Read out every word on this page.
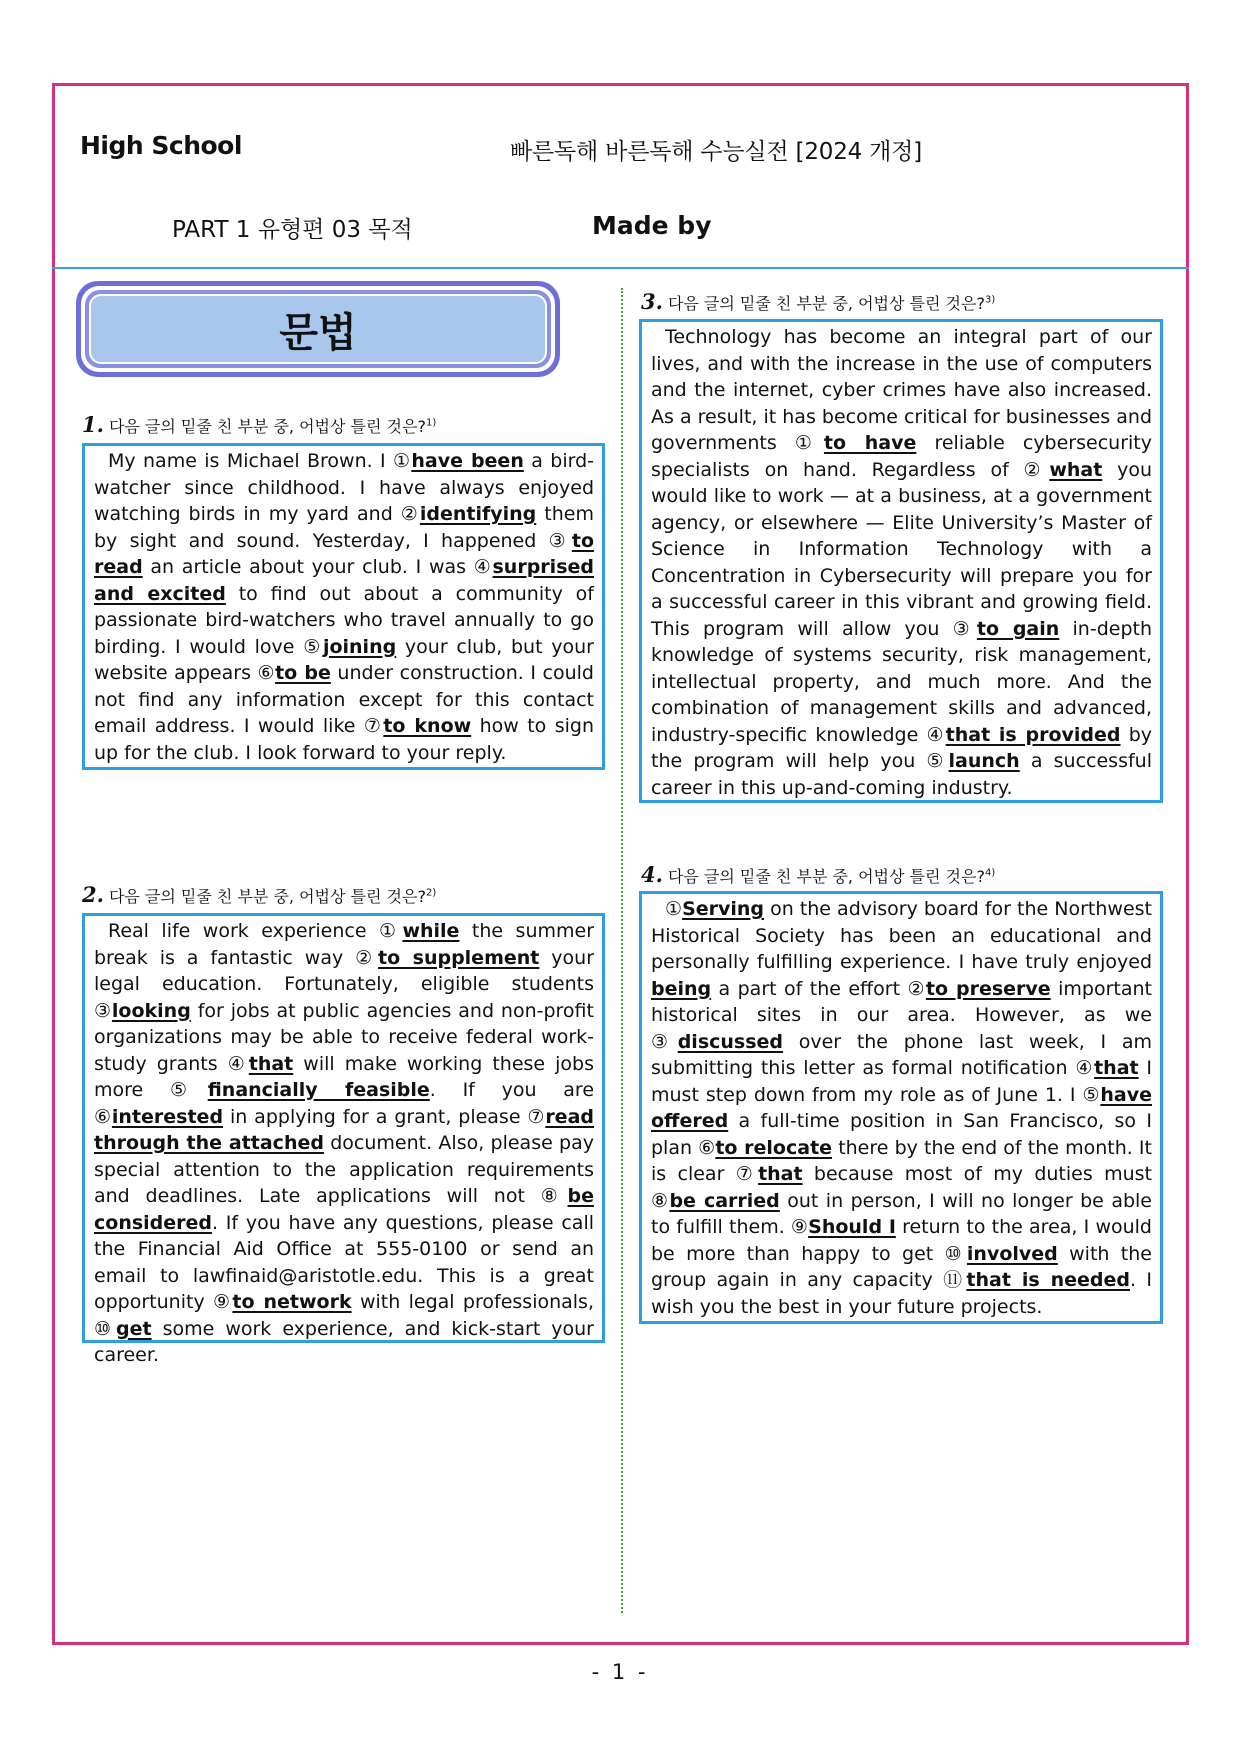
High School	빠른독해 바른독해 수능실전 [2024 개정]
PART 1 유형편 03 목적	Made by
문법
1. 다음 글의 밑줄 친 부분 중, 어법상 틀린 것은?$^{1)}$

My name is Michael Brown. I ①have been a bird-watcher since childhood. I have always enjoyed watching birds in my yard and ②identifying them by sight and sound. Yesterday, I happened ③to read an article about your club. I was ④surprised and excited to find out about a community of passionate bird-watchers who travel annually to go birding. I would love ⑤joining your club, but your website appears ⑥to be under construction. I could not find any information except for this contact email address. I would like ⑦to know how to sign up for the club. I look forward to your reply.

2. 다음 글의 밑줄 친 부분 중, 어법상 틀린 것은?$^{2)}$

Real life work experience ①while the summer break is a fantastic way ②to supplement your legal education. Fortunately, eligible students ③looking for jobs at public agencies and non-profit organizations may be able to receive federal work-study grants ④that will make working these jobs more ⑤financially feasible. If you are ⑥interested in applying for a grant, please ⑦read through the attached document. Also, please pay special attention to the application requirements and deadlines. Late applications will not ⑧be considered. If you have any questions, please call the Financial Aid Office at 555-0100 or send an email to lawfinaid@aristotle.edu. This is a great opportunity ⑨to network with legal professionals, ⑩get some work experience, and kick-start your career.

3. 다음 글의 밑줄 친 부분 중, 어법상 틀린 것은?$^{3)}$

Technology has become an integral part of our lives, and with the increase in the use of computers and the internet, cyber crimes have also increased. As a result, it has become critical for businesses and governments ①to have reliable cybersecurity specialists on hand. Regardless of ②what you would like to work — at a business, at a government agency, or elsewhere — Elite University’s Master of Science in Information Technology with a Concentration in Cybersecurity will prepare you for a successful career in this vibrant and growing field. This program will allow you ③to gain in-depth knowledge of systems security, risk management, intellectual property, and much more. And the combination of management skills and advanced, industry-specific knowledge ④that is provided by the program will help you ⑤launch a successful career in this up-and-coming industry.

4. 다음 글의 밑줄 친 부분 중, 어법상 틀린 것은?$^{4)}$

①Serving on the advisory board for the Northwest Historical Society has been an educational and personally fulfilling experience. I have truly enjoyed being a part of the effort ②to preserve important historical sites in our area. However, as we ③discussed over the phone last week, I am submitting this letter as formal notification ④that I must step down from my role as of June 1. I ⑤have offered a full-time position in San Francisco, so I plan ⑥to relocate there by the end of the month. It is clear ⑦that because most of my duties must ⑧be carried out in person, I will no longer be able to fulfill them. ⑨Should I return to the area, I would be more than happy to get ⑩involved with the group again in any capacity ⑪that is needed. I wish you the best in your future projects.

- 1 -
